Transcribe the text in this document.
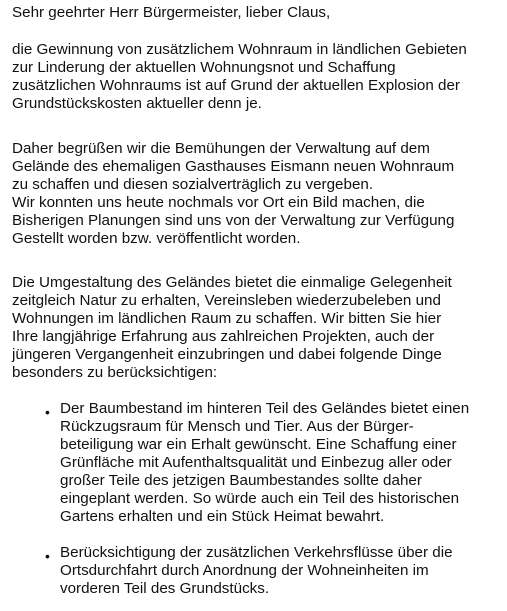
Sehr geehrter Herr Bürgermeister, lieber Claus,
die Gewinnung von zusätzlichem Wohnraum in ländlichen Gebieten
zur Linderung der aktuellen Wohnungsnot und Schaffung
zusätzlichen Wohnraums ist auf Grund der aktuellen Explosion der
Grundstückskosten aktueller denn je.
Daher begrüßen wir die Bemühungen der Verwaltung auf dem
Gelände des ehemaligen Gasthauses Eismann neuen Wohnraum
zu schaffen und diesen sozialverträglich zu vergeben.
Wir konnten uns heute nochmals vor Ort ein Bild machen, die
Bisherigen Planungen sind uns von der Verwaltung zur Verfügung
Gestellt worden bzw. veröffentlicht worden.
Die Umgestaltung des Geländes bietet die einmalige Gelegenheit
zeitgleich Natur zu erhalten, Vereinsleben wiederzubeleben und
Wohnungen im ländlichen Raum zu schaffen. Wir bitten Sie hier
Ihre langjährige Erfahrung aus zahlreichen Projekten, auch der
jüngeren Vergangenheit einzubringen und dabei folgende Dinge
besonders zu berücksichtigen:
• Der Baumbestand im hinteren Teil des Geländes bietet einen
Rückzugsraum für Mensch und Tier. Aus der Bürger-
beteiligung war ein Erhalt gewünscht. Eine Schaffung einer
Grünfläche mit Aufenthaltsqualität und Einbezug aller oder
großer Teile des jetzigen Baumbestandes sollte daher
eingeplant werden. So würde auch ein Teil des historischen
Gartens erhalten und ein Stück Heimat bewahrt.
• Berücksichtigung der zusätzlichen Verkehrsflüsse über die
Ortsdurchfahrt durch Anordnung der Wohneinheiten im
vorderen Teil des Grundstücks.
